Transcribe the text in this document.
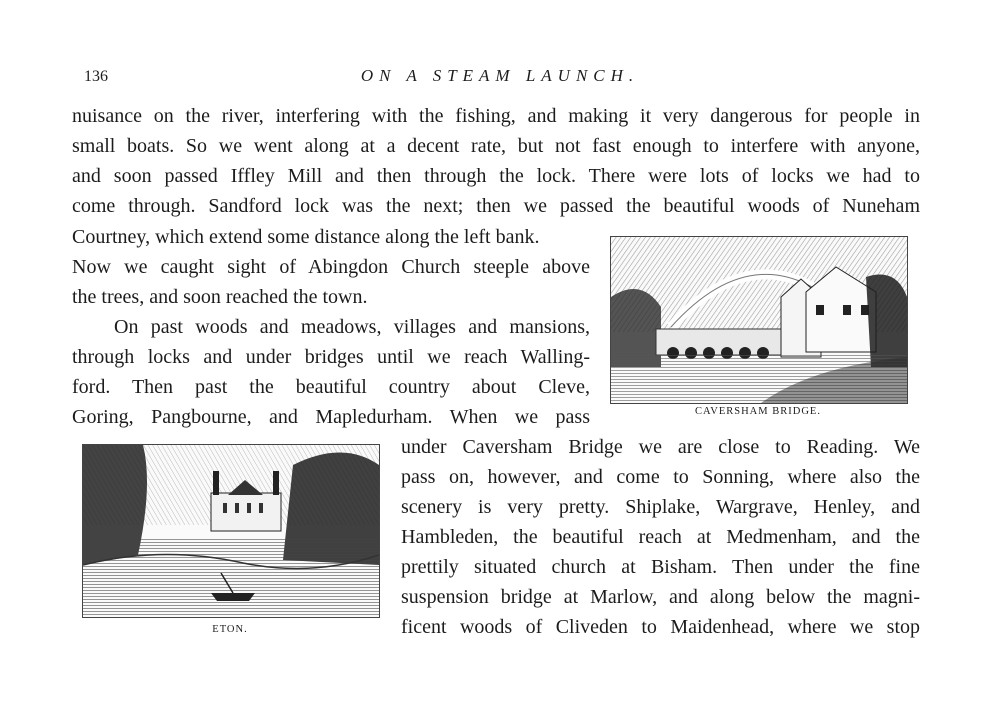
136	ON A STEAM LAUNCH.
nuisance on the river, interfering with the fishing, and making it very dangerous for people in
small boats. So we went along at a decent rate, but not fast enough to interfere with anyone,
and soon passed Iffley Mill and then through the lock. There were lots of locks we had to
come through. Sandford lock was the next; then we passed the beautiful woods of Nuneham
Courtney, which extend some distance along the left bank.
Now we caught sight of Abingdon Church steeple above
the trees, and soon reached the town.
On past woods and meadows, villages and mansions,
through locks and under bridges until we reach Walling-
ford. Then past the beautiful country about Cleve,
Goring, Pangbourne, and Mapledurham. When we pass
under Caversham Bridge we are close to Reading. We
pass on, however, and come to Sonning, where also the
scenery is very pretty. Shiplake, Wargrave, Henley, and
Hambleden, the beautiful reach at Medmenham, and the
prettily situated church at Bisham. Then under the fine
suspension bridge at Marlow, and along below the magni-
ficent woods of Cliveden to Maidenhead, where we stop
CAVERSHAM BRIDGE.
ETON.
